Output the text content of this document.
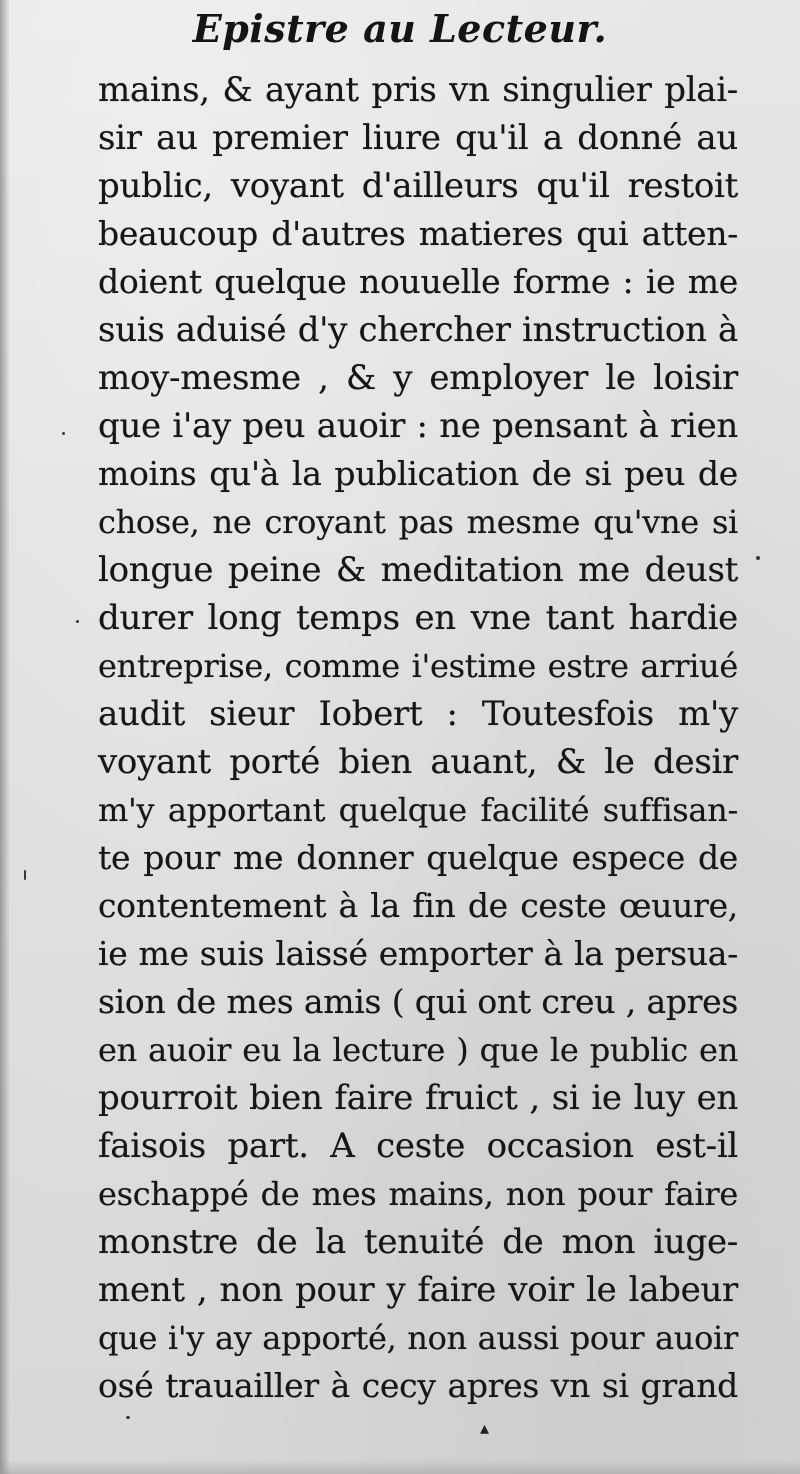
Epistre au Lecteur.
mains, & ayant pris vn singulier plai-
sir au premier liure qu'il a donné au
public, voyant d'ailleurs qu'il restoit
beaucoup d'autres matieres qui atten-
doient quelque nouuelle forme : ie me
suis aduisé d'y chercher instruction à
moy-mesme , & y employer le loisir
que i'ay peu auoir : ne pensant à rien
moins qu'à la publication de si peu de
chose, ne croyant pas mesme qu'vne si
longue peine & meditation me deust
durer long temps en vne tant hardie
entreprise, comme i'estime estre arriué
audit sieur Iobert : Toutesfois m'y
voyant porté bien auant, & le desir
m'y apportant quelque facilité suffisan-
te pour me donner quelque espece de
contentement à la fin de ceste œuure,
ie me suis laissé emporter à la persua-
sion de mes amis ( qui ont creu , apres
en auoir eu la lecture ) que le public en
pourroit bien faire fruict , si ie luy en
faisois part. A ceste occasion est-il
eschappé de mes mains, non pour faire
monstre de la tenuité de mon iuge-
ment , non pour y faire voir le labeur
que i'y ay apporté, non aussi pour auoir
osé trauailler à cecy apres vn si grand
▴
